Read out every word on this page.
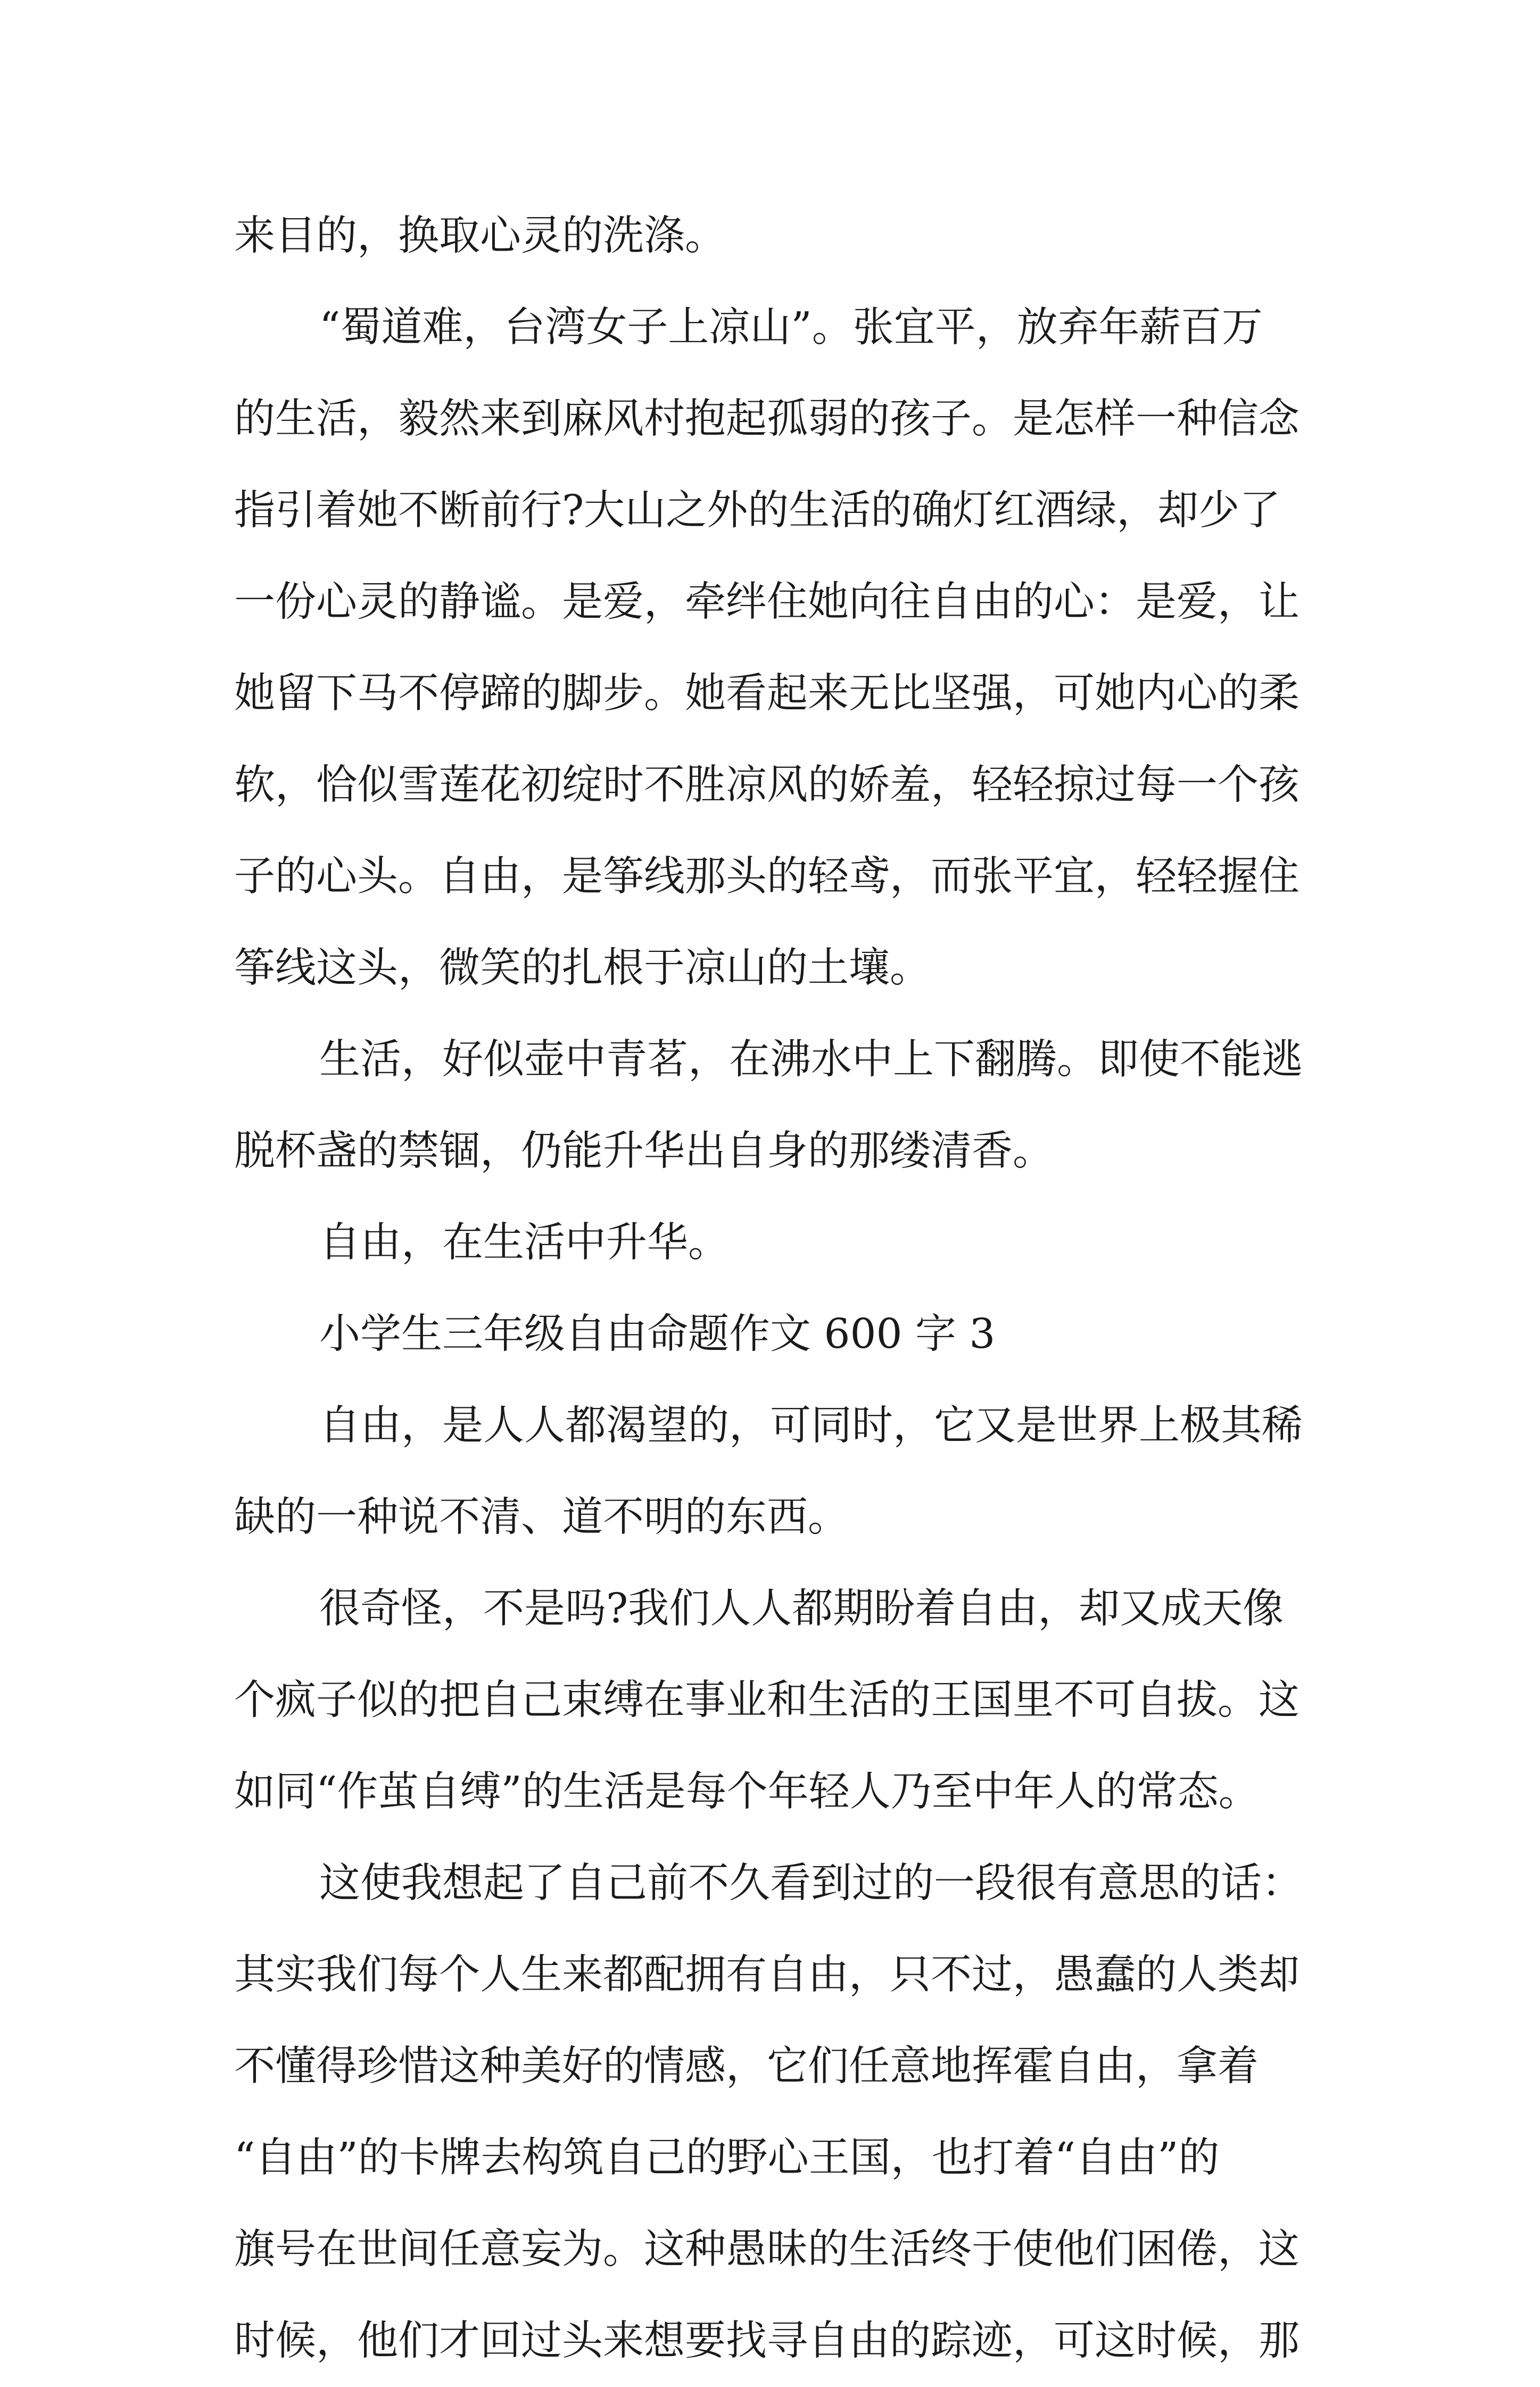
来目的，换取心灵的洗涤。
“蜀道难，台湾女子上凉山”。张宜平，放弃年薪百万
的生活，毅然来到麻风村抱起孤弱的孩子。是怎样一种信念
指引着她不断前行?大山之外的生活的确灯红酒绿，却少了
一份心灵的静谧。是爱，牵绊住她向往自由的心：是爱，让
她留下马不停蹄的脚步。她看起来无比坚强，可她内心的柔
软，恰似雪莲花初绽时不胜凉风的娇羞，轻轻掠过每一个孩
子的心头。自由，是筝线那头的轻鸢，而张平宜，轻轻握住
筝线这头，微笑的扎根于凉山的土壤。
生活，好似壶中青茗，在沸水中上下翻腾。即使不能逃
脱杯盏的禁锢，仍能升华出自身的那缕清香。
自由，在生活中升华。
小学生三年级自由命题作文 600 字 3
自由，是人人都渴望的，可同时，它又是世界上极其稀
缺的一种说不清、道不明的东西。
很奇怪，不是吗?我们人人都期盼着自由，却又成天像
个疯子似的把自己束缚在事业和生活的王国里不可自拔。这
如同“作茧自缚”的生活是每个年轻人乃至中年人的常态。
这使我想起了自己前不久看到过的一段很有意思的话：
其实我们每个人生来都配拥有自由，只不过，愚蠢的人类却
不懂得珍惜这种美好的情感，它们任意地挥霍自由，拿着
“自由”的卡牌去构筑自己的野心王国，也打着“自由”的
旗号在世间任意妄为。这种愚昧的生活终于使他们困倦，这
时候，他们才回过头来想要找寻自由的踪迹，可这时候，那
